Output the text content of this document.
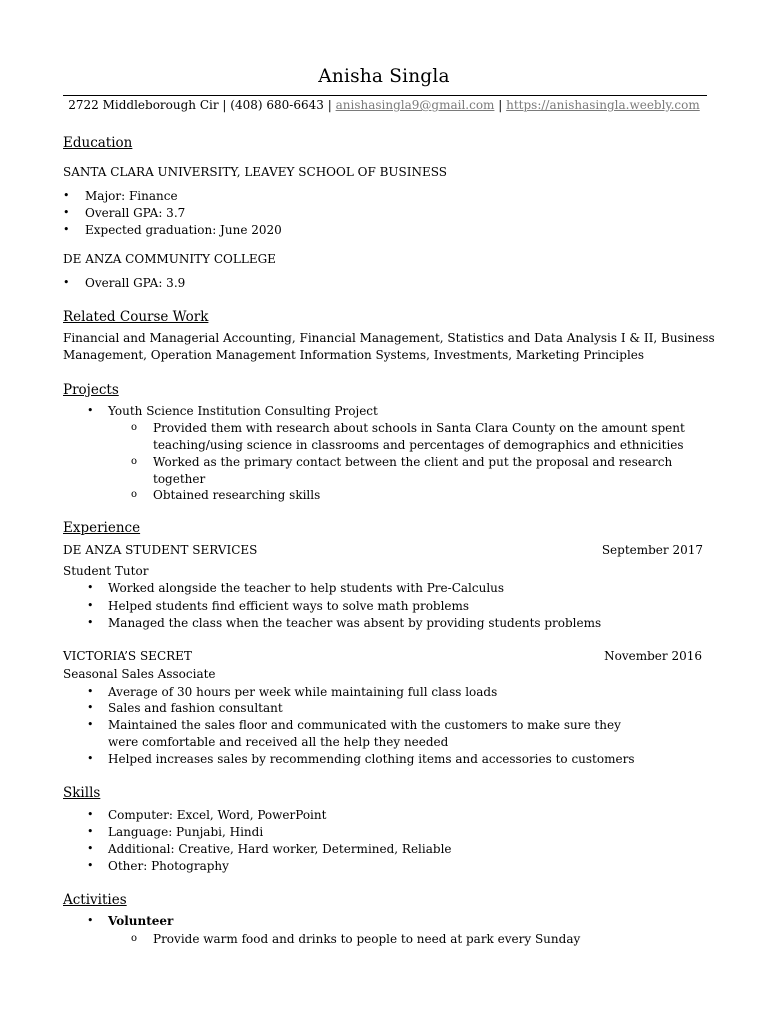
Anisha Singla
2722 Middleborough Cir | (408) 680-6643 | anishasingla9@gmail.com | https://anishasingla.weebly.com
Education
SANTA CLARA UNIVERSITY, LEAVEY SCHOOL OF BUSINESS
• Major: Finance
• Overall GPA: 3.7
• Expected graduation: June 2020
DE ANZA COMMUNITY COLLEGE
• Overall GPA: 3.9
Related Course Work
Financial and Managerial Accounting, Financial Management, Statistics and Data Analysis I & II, Business
Management, Operation Management Information Systems, Investments, Marketing Principles
Projects
• Youth Science Institution Consulting Project
o Provided them with research about schools in Santa Clara County on the amount spent
teaching/using science in classrooms and percentages of demographics and ethnicities
o Worked as the primary contact between the client and put the proposal and research
together
o Obtained researching skills
Experience
DE ANZA STUDENT SERVICES	September 2017
Student Tutor
• Worked alongside the teacher to help students with Pre-Calculus
• Helped students find efficient ways to solve math problems
• Managed the class when the teacher was absent by providing students problems
VICTORIA’S SECRET	November 2016
Seasonal Sales Associate
• Average of 30 hours per week while maintaining full class loads
• Sales and fashion consultant
• Maintained the sales floor and communicated with the customers to make sure they
were comfortable and received all the help they needed
• Helped increases sales by recommending clothing items and accessories to customers
Skills
• Computer: Excel, Word, PowerPoint
• Language: Punjabi, Hindi
• Additional: Creative, Hard worker, Determined, Reliable
• Other: Photography
Activities
• Volunteer
o Provide warm food and drinks to people to need at park every Sunday
